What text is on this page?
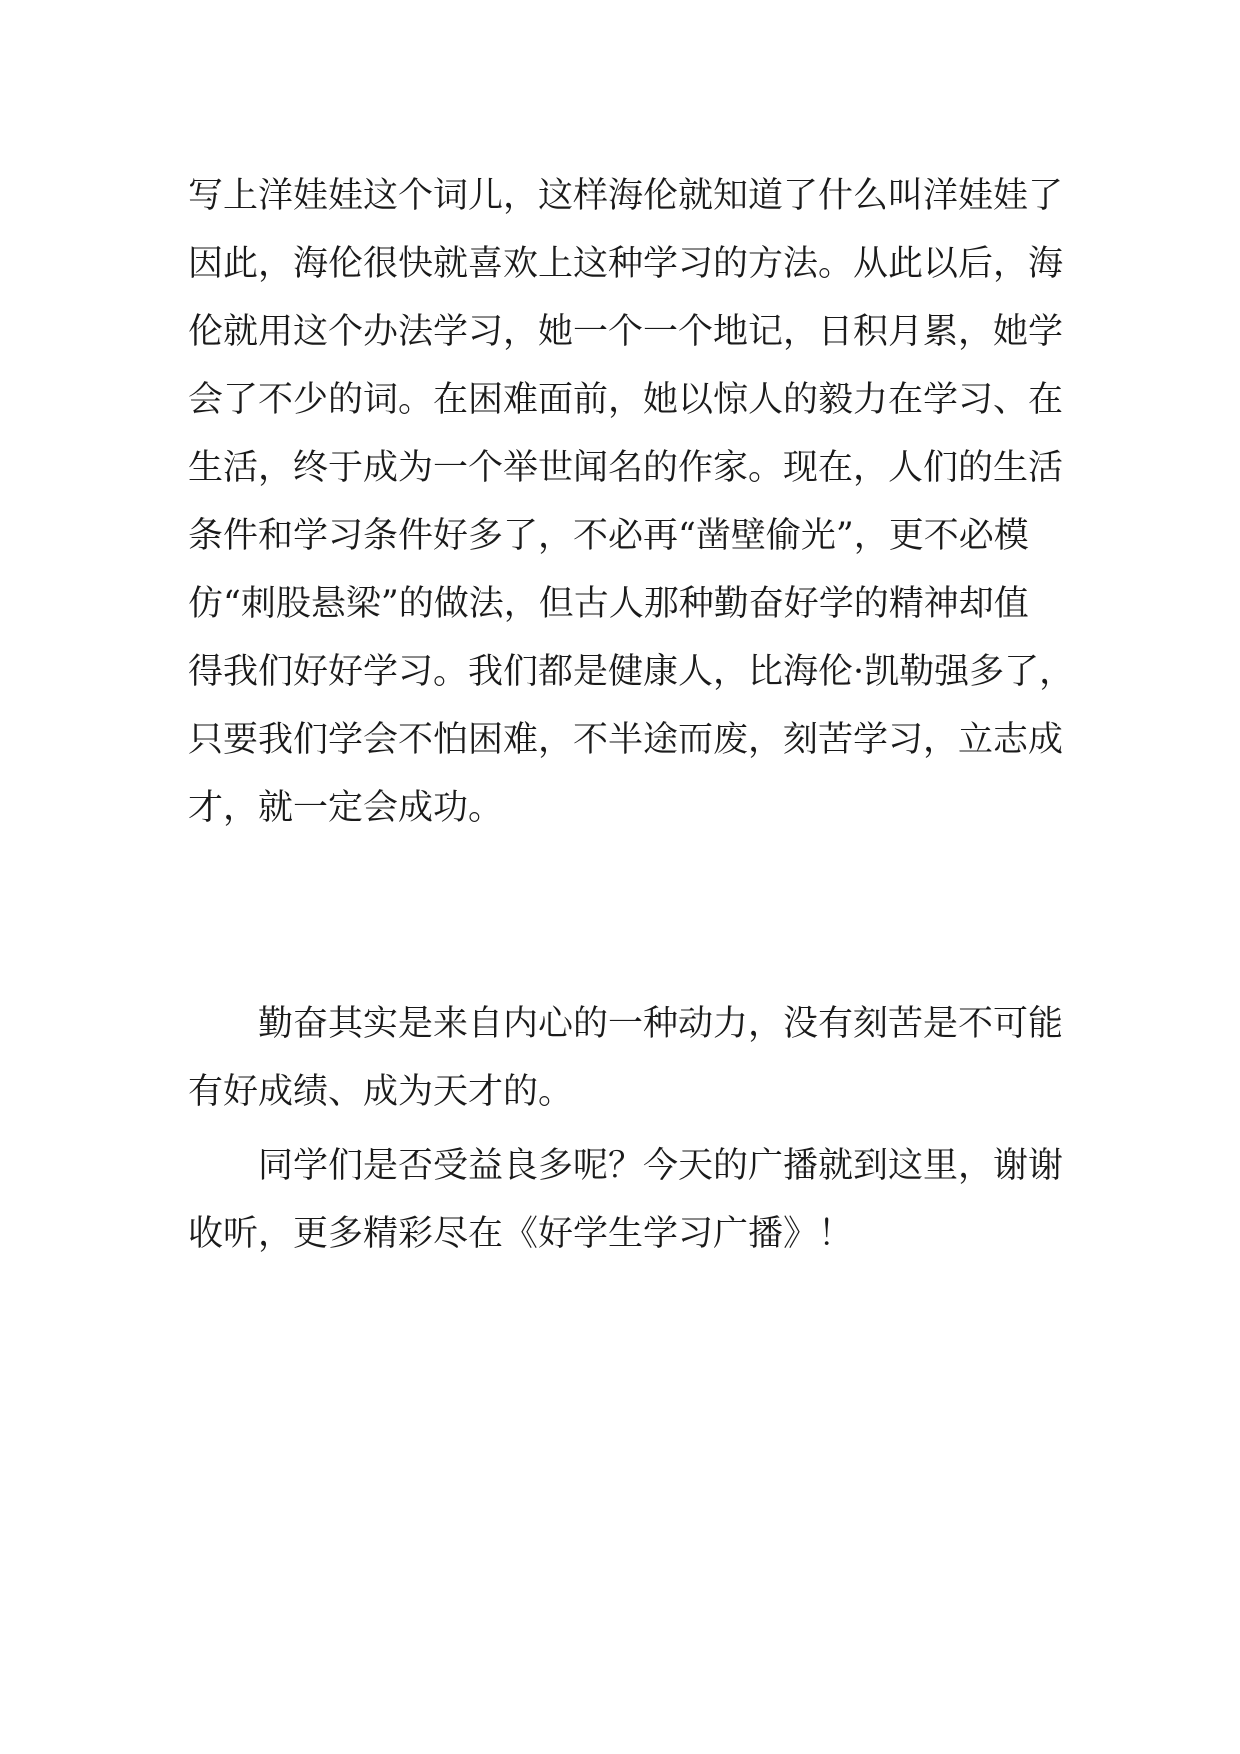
写上洋娃娃这个词儿，这样海伦就知道了什么叫洋娃娃了
因此，海伦很快就喜欢上这种学习的方法。从此以后，海
伦就用这个办法学习，她一个一个地记，日积月累，她学
会了不少的词。在困难面前，她以惊人的毅力在学习、在
生活，终于成为一个举世闻名的作家。现在，人们的生活
条件和学习条件好多了，不必再“凿壁偷光”，更不必模
仿“刺股悬梁”的做法，但古人那种勤奋好学的精神却值
得我们好好学习。我们都是健康人，比海伦·凯勒强多了，
只要我们学会不怕困难，不半途而废，刻苦学习，立志成
才，就一定会成功。
勤奋其实是来自内心的一种动力，没有刻苦是不可能
有好成绩、成为天才的。
同学们是否受益良多呢？今天的广播就到这里，谢谢
收听，更多精彩尽在《好学生学习广播》！
